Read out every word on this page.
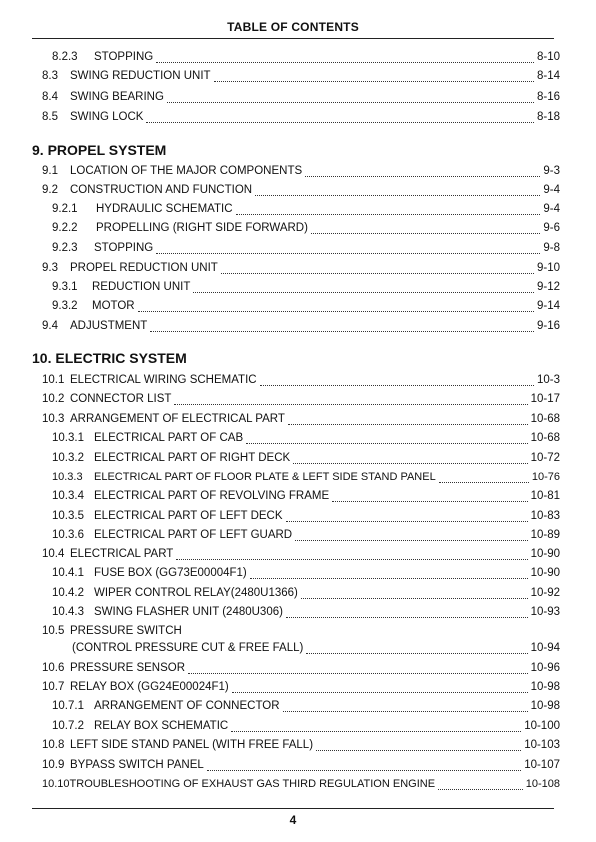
TABLE OF CONTENTS
8.2.3	STOPPING	8-10
8.3	SWING REDUCTION UNIT	8-14
8.4	SWING BEARING	8-16
8.5	SWING LOCK	8-18
9. PROPEL SYSTEM
9.1	LOCATION OF THE MAJOR COMPONENTS	9-3
9.2	CONSTRUCTION AND FUNCTION	9-4
9.2.1	HYDRAULIC SCHEMATIC	9-4
9.2.2	PROPELLING (RIGHT SIDE FORWARD)	9-6
9.2.3	STOPPING	9-8
9.3	PROPEL REDUCTION UNIT	9-10
9.3.1	REDUCTION UNIT	9-12
9.3.2	MOTOR	9-14
9.4	ADJUSTMENT	9-16
10. ELECTRIC SYSTEM
10.1 ELECTRICAL WIRING SCHEMATIC	10-3
10.2 CONNECTOR LIST	10-17
10.3 ARRANGEMENT OF ELECTRICAL PART	10-68
10.3.1 ELECTRICAL PART OF CAB	10-68
10.3.2 ELECTRICAL PART OF RIGHT DECK	10-72
10.3.3	ELECTRICAL PART OF FLOOR PLATE & LEFT SIDE STAND PANEL	10-76
10.3.4 ELECTRICAL PART OF REVOLVING FRAME	10-81
10.3.5 ELECTRICAL PART OF LEFT DECK	10-83
10.3.6 ELECTRICAL PART OF LEFT GUARD	10-89
10.4 ELECTRICAL PART	10-90
10.4.1 FUSE BOX (GG73E00004F1)	10-90
10.4.2 WIPER CONTROL RELAY(2480U1366)	10-92
10.4.3 SWING FLASHER UNIT (2480U306)	10-93
10.5 PRESSURE SWITCH
(CONTROL PRESSURE CUT & FREE FALL)	10-94
10.6 PRESSURE SENSOR	10-96
10.7 RELAY BOX (GG24E00024F1)	10-98
10.7.1 ARRANGEMENT OF CONNECTOR	10-98
10.7.2 RELAY BOX SCHEMATIC	10-100
10.8 LEFT SIDE STAND PANEL (WITH FREE FALL)	10-103
10.9 BYPASS SWITCH PANEL	10-107
10.10 TROUBLESHOOTING OF EXHAUST GAS THIRD REGULATION ENGINE	10-108
4
